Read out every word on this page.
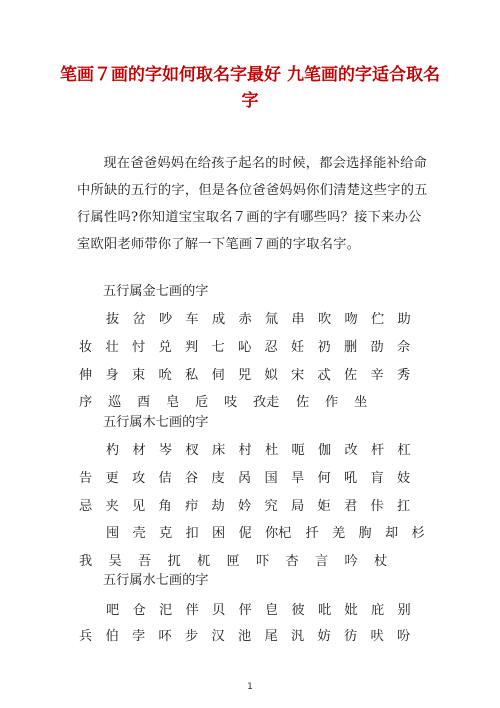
笔画７画的字如何取名字最好 九笔画的字适合取名字

现在爸爸妈妈在给孩子起名的时候，都会选择能补给命中所缺的五行的字，但是各位爸爸妈妈你们清楚这些字的五行属性吗?你知道宝宝取名７画的字有哪些吗？接下来办公室欧阳老师带你了解一下笔画７画的字取名字。

五行属金七画的字
抜 岔 吵 车 成 赤 氚 串 吹 吻 伫 助
妆 壮 忖 兑 判 七 吣 忍 妊 礽 删 劭 佘
伸 身 束 吮 私 伺 兕 姒 宋 忒 佐 辛 秀
序 巡 酉 皂 卮 吱 孜走 佐 作 坐
五行属木七画的字
杓 材 岑 杈 床 村 杜 呃 伽 改 杆 杠
告 更 攻 佶 谷 庋 呙 国 旱 何 吼 肓 妓
忌 夹 见 角 疖 劫 妗 究 局 姖 君 佧 扛
囤 壳 克 扣 困 伲 你杞 扦 羌 朐 却 杉
我 吴 吾 扤 杌 匣 吓 杏 言 吟 杖
五行属水七画的字
吧 仓 汜 伴 贝 伻 皀 彼 吡 妣 庇 别
兵 伯 孛 吥 步 汉 池 尾 汎 妨 彷 吠 吩
1
